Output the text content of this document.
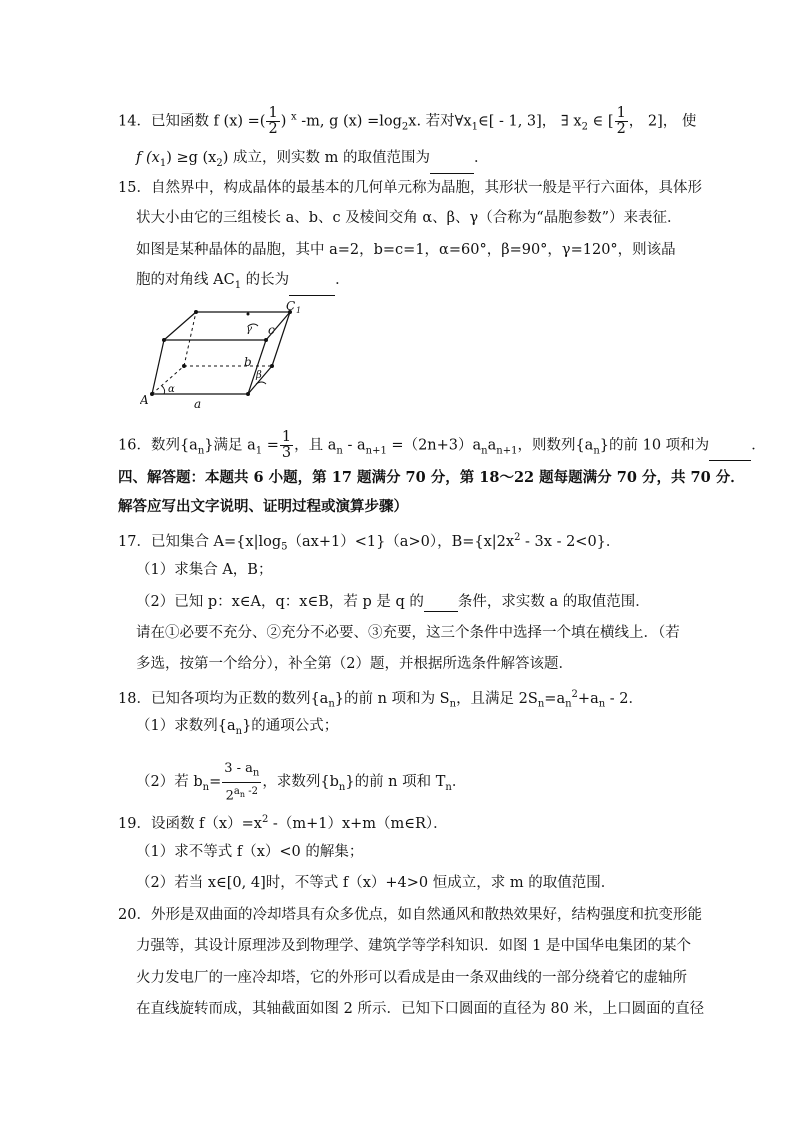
14．已知函数 f (x) =( $\frac{1}{2}$ ) $^x$ -m, g $(x) =\log_2x$. 若对$\forall x_1\in[ - 1$, 3]， ∃ $x_2$ ∈ [ $\frac{1}{2}$ ， 2]， 使
f $(x_1) \ge g$ $(x_2)$ 成立，则实数 m 的取值范围为	．
15．自然界中，构成晶体的最基本的几何单元称为晶胞，其形状一般是平行六面体，具体形
状大小由它的三组棱长 a、b、c 及棱间交角 α、β、γ（合称为“晶胞参数”）来表征．
如图是某种晶体的晶胞，其中 a=2，b=c=1，α=60°，β=90°，γ=120°，则该晶
胞的对角线 $AC_1$ 的长为	．
A	a
b
c
α
β
γ
C 1
16．数列$\{a_n\}$满足 $a_1 = \frac{1}{3}$ ，且 $a_n - a_{n+1} =(2n+3)a_na_{n+1}$，则数列$\{a_n\}$的前 10 项和为	．
四、解答题：本题共 6 小题，第 17 题满分 70 分，第 18～22 题每题满分 70 分，共 70 分．
解答应写出文字说明、证明过程或演算步骤）
17．已知集合 $A=\{x|\log_5(ax+1)<1\}(a>0)$，$B=\{x|2x^2 - 3x - 2<0\}$．
（1）求集合 A，B；
（2）已知 p：x∈A，q：x∈B，若 p 是 q 的 条件，求实数 a 的取值范围．
请在①必要不充分、②充分不必要、③充要，这三个条件中选择一个填在横线上．（若
多选，按第一个给分），补全第（2）题，并根据所选条件解答该题．
18．已知各项均为正数的数列$\{a_n\}$的前 n 项和为 $S_n$，且满足 $2S_n=a_n^2+a_n - 2$．
（1）求数列$\{a_n\}$的通项公式；
（2）若 $b_n= \frac{3 - a_n}{2^{a_n -2}}$ ，求数列$\{b_n\}$的前 n 项和 $T_n$．
19．设函数 $f(x)=x^2$ -（m+1）x+m（m∈R）．
（1）求不等式 f（x）<0 的解集；
（2）若当 x∈[0, 4]时，不等式 f（x）+4>0 恒成立，求 m 的取值范围．
20．外形是双曲面的冷却塔具有众多优点，如自然通风和散热效果好，结构强度和抗变形能
力强等，其设计原理涉及到物理学、建筑学等学科知识．如图 1 是中国华电集团的某个
火力发电厂的一座冷却塔，它的外形可以看成是由一条双曲线的一部分绕着它的虚轴所
在直线旋转而成，其轴截面如图 2 所示．已知下口圆面的直径为 80 米，上口圆面的直径
